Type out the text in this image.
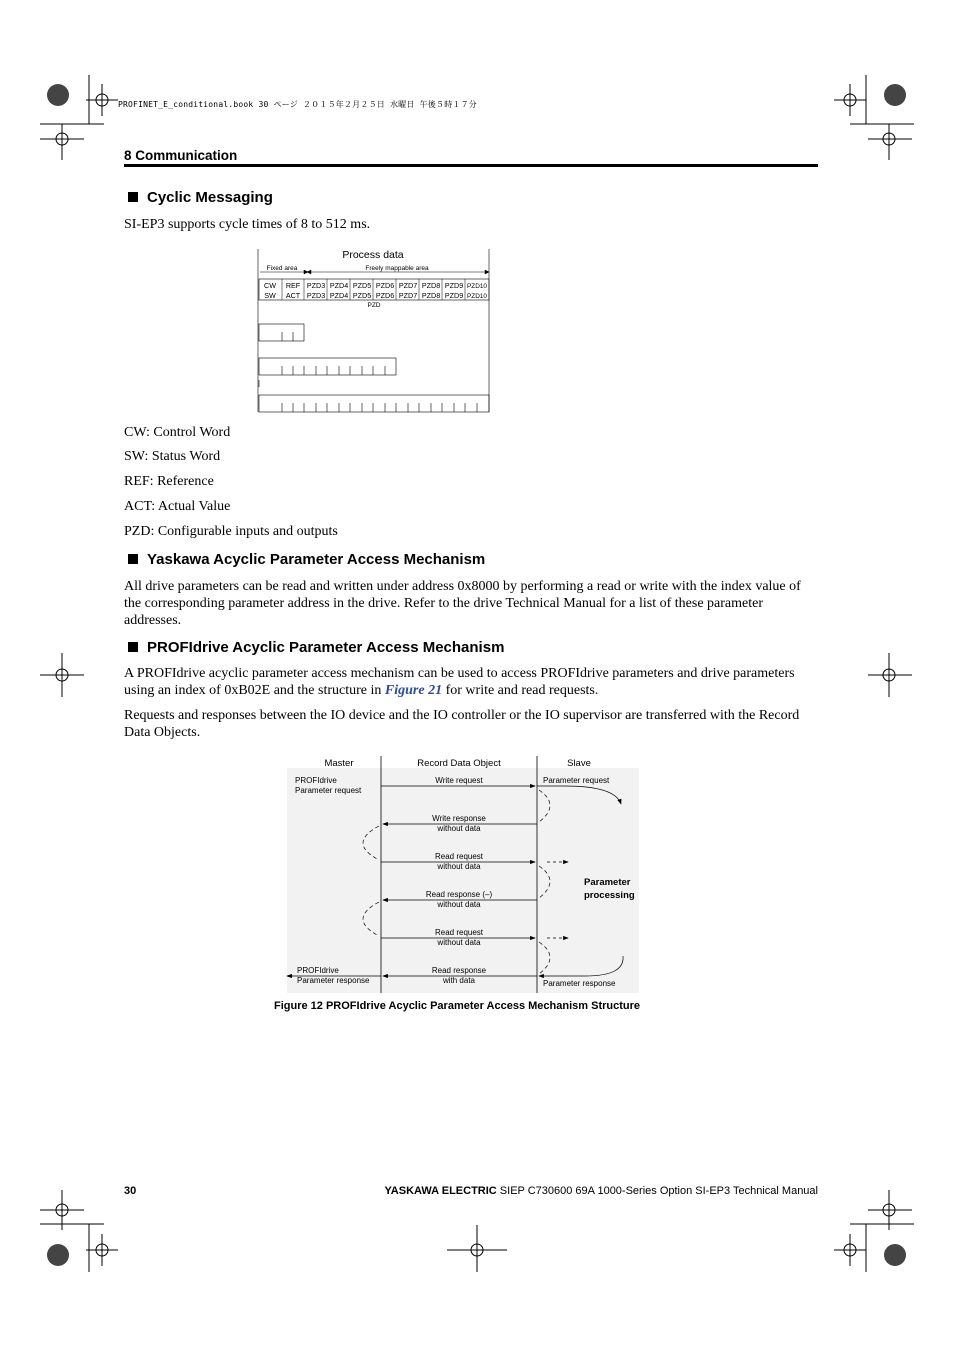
PROFINET_E_conditional.book 30 ページ ２０１５年２月２５日 水曜日 午後５時１７分
8 Communication
Cyclic Messaging
SI-EP3 supports cycle times of 8 to 512 ms.
Process data
Fixed area	Freely mappable area
CW REF PZD3 PZD4 PZD5 PZD6 PZD7 PZD8 PZD9 PZD10
SW ACT PZD3 PZD4 PZD5 PZD6 PZD7 PZD8 PZD9 PZD10
PZD
CW: Control Word
SW: Status Word
REF: Reference
ACT: Actual Value
PZD: Configurable inputs and outputs
Yaskawa Acyclic Parameter Access Mechanism
All drive parameters can be read and written under address 0x8000 by performing a read or write with the index value of the corresponding parameter address in the drive. Refer to the drive Technical Manual for a list of these parameter addresses.
PROFIdrive Acyclic Parameter Access Mechanism
A PROFIdrive acyclic parameter access mechanism can be used to access PROFIdrive parameters and drive parameters using an index of 0xB02E and the structure in Figure 21 for write and read requests.
Requests and responses between the IO device and the IO controller or the IO supervisor are transferred with the Record Data Objects.
Master	Record Data Object	Slave
PROFIdrive
Parameter request
Parameter request
Write request
Write response
without data
Read request
without data
Read response (–)
without data
Read request
without data
Read response
with data
Parameter
processing
PROFIdrive
Parameter response	Parameter response
Figure 12 PROFIdrive Acyclic Parameter Access Mechanism Structure
30	YASKAWA ELECTRIC SIEP C730600 69A 1000-Series Option SI-EP3 Technical Manual
